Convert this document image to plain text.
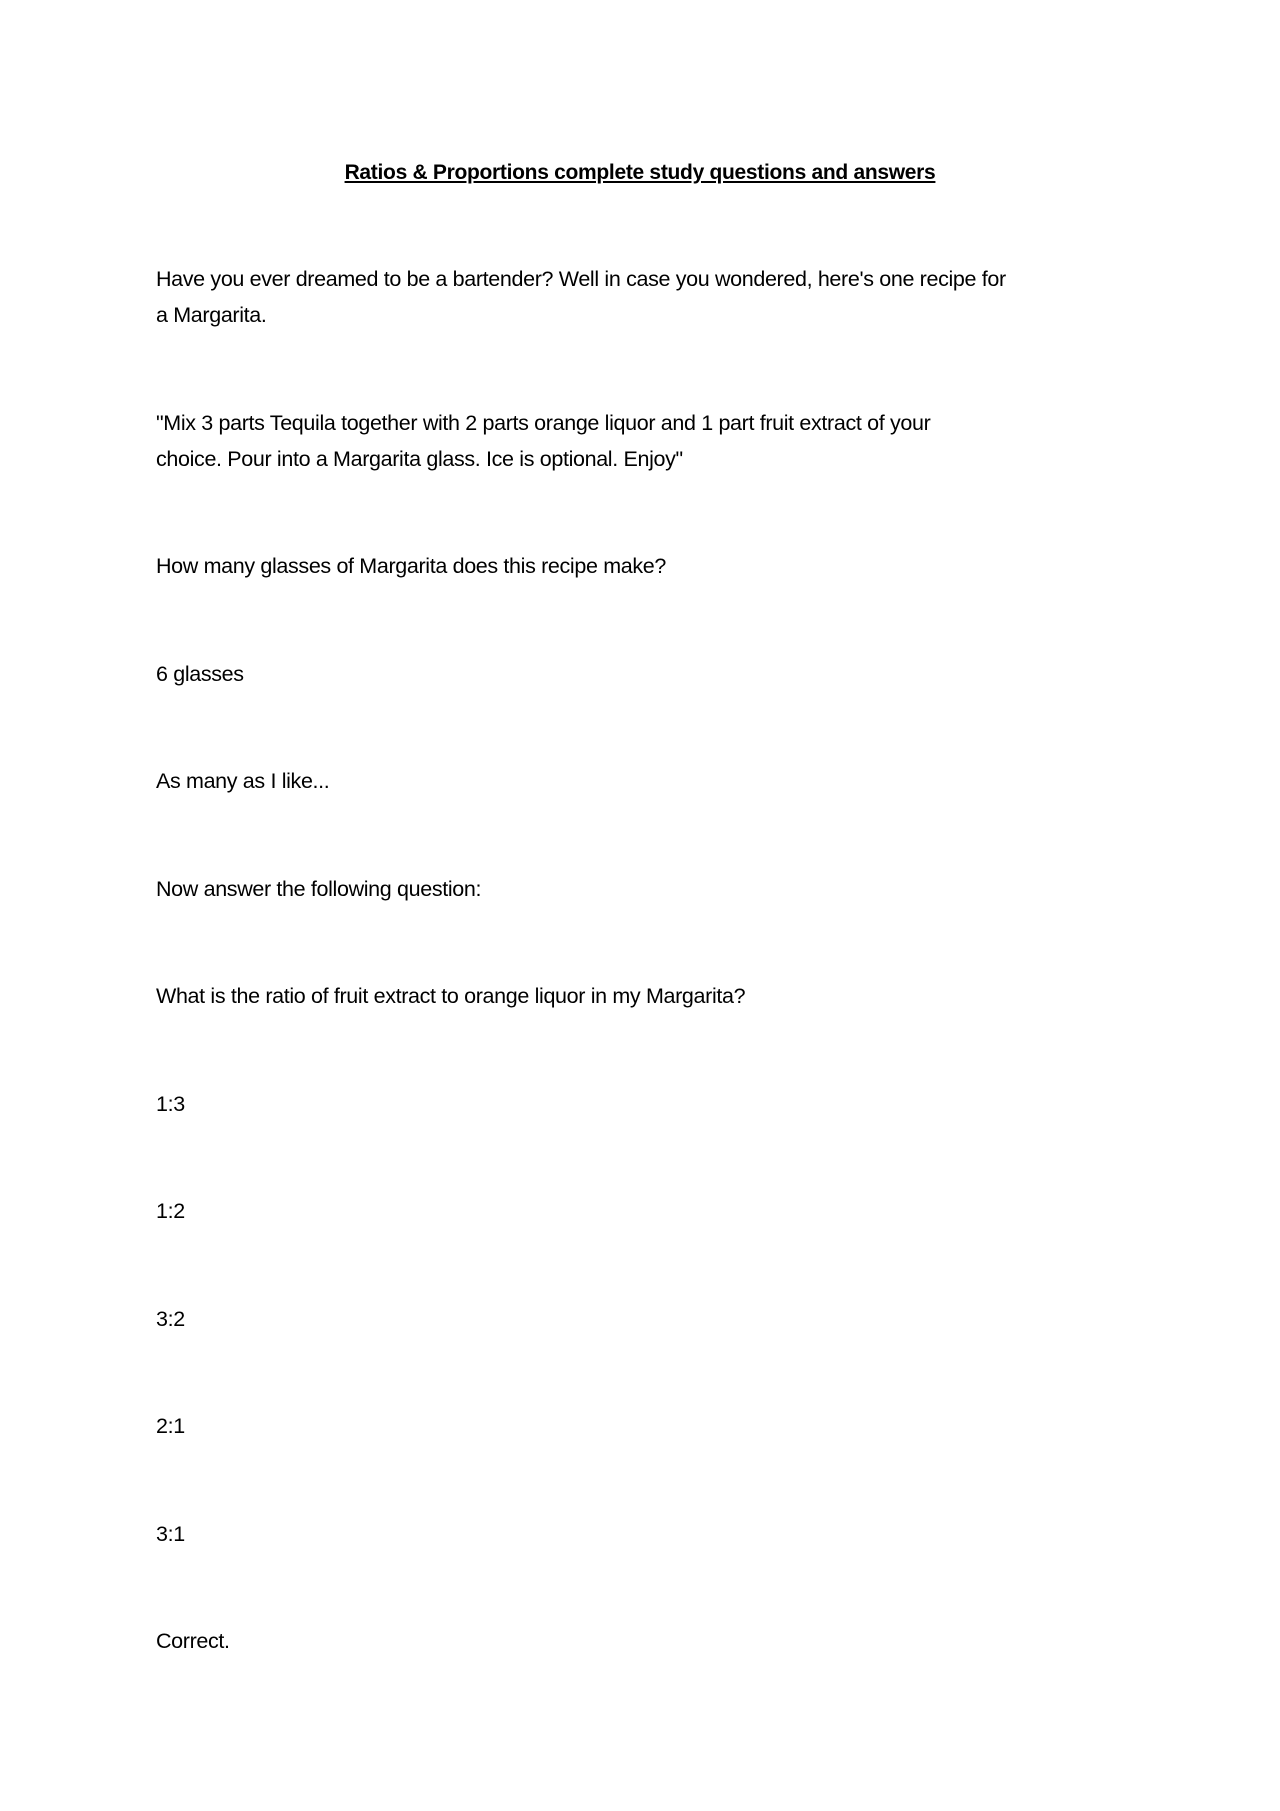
Ratios & Proportions complete study questions and answers

Have you ever dreamed to be a bartender? Well in case you wondered, here's one recipe for
a Margarita.

"Mix 3 parts Tequila together with 2 parts orange liquor and 1 part fruit extract of your
choice. Pour into a Margarita glass. Ice is optional. Enjoy"

How many glasses of Margarita does this recipe make?

6 glasses

As many as I like...

Now answer the following question:

What is the ratio of fruit extract to orange liquor in my Margarita?

1:3

1:2

3:2

2:1

3:1

Correct.
